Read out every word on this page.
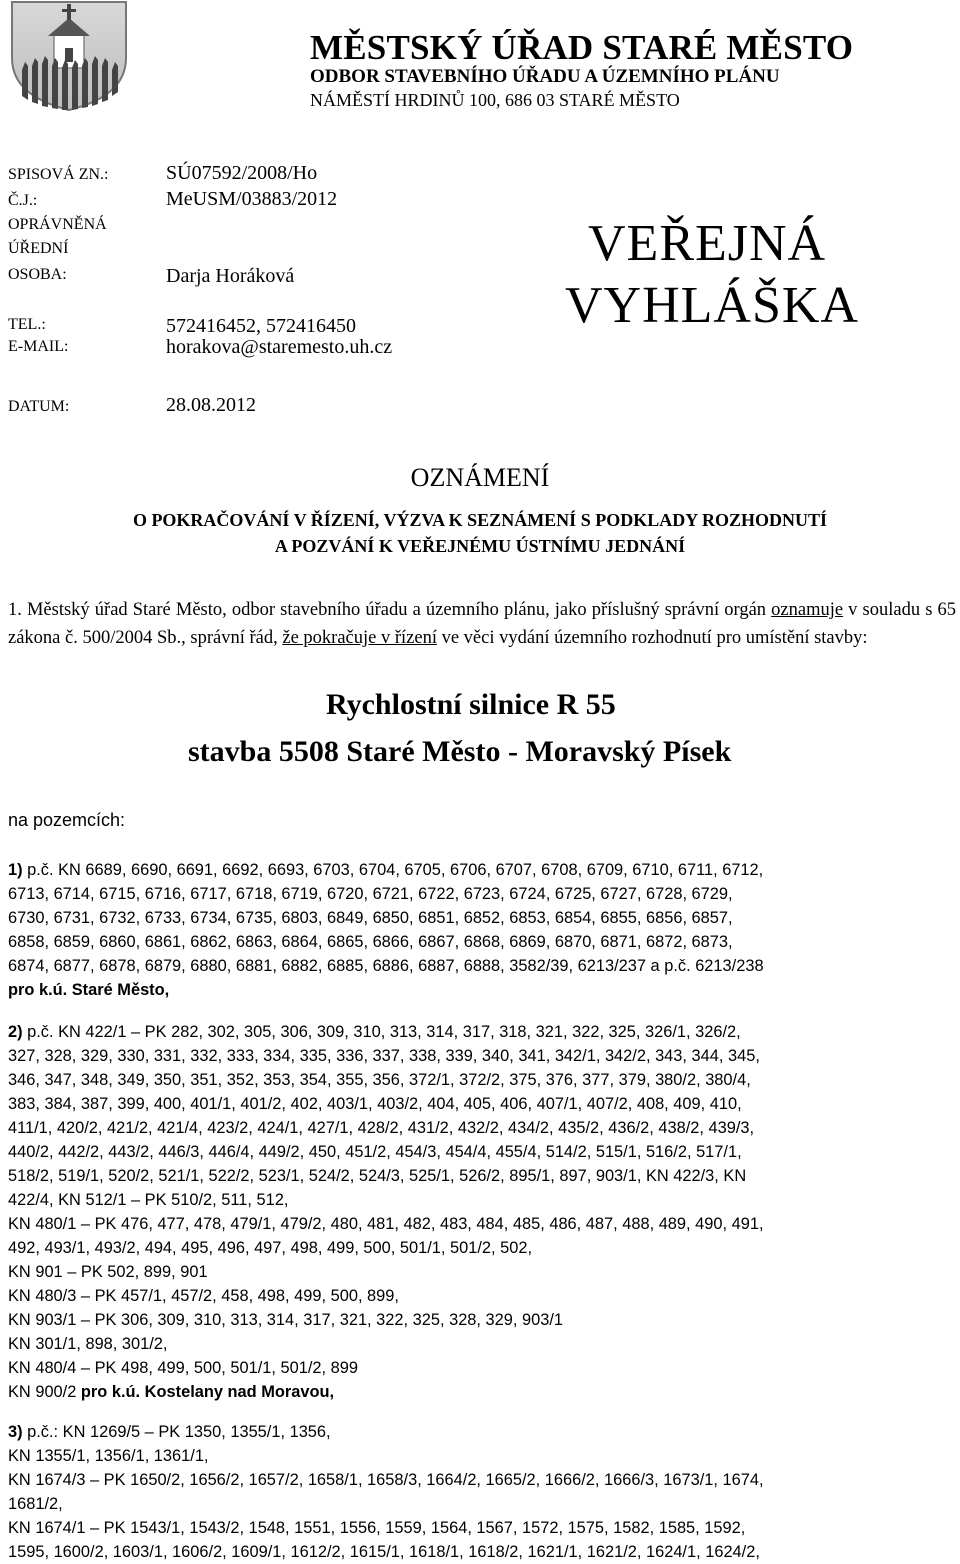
MĚSTSKÝ ÚŘAD STARÉ MĚSTO
ODBOR STAVEBNÍHO ÚŘADU A ÚZEMNÍHO PLÁNU
NÁMĚSTÍ HRDINŮ 100, 686 03 STARÉ MĚSTO
SPISOVÁ ZN.:	SÚ07592/2008/Ho
Č.J.:	MeUSM/03883/2012
OPRÁVNĚNÁ
ÚŘEDNÍ
OSOBA:	Darja Horáková
TEL.:	572416452, 572416450
E-MAIL:	horakova@staremesto.uh.cz
DATUM:	28.08.2012
VEŘEJNÁ
VYHLÁŠKA
OZNÁMENÍ
O POKRAČOVÁNÍ V ŘÍZENÍ, VÝZVA K SEZNÁMENÍ S PODKLADY ROZHODNUTÍ
A POZVÁNÍ K VEŘEJNÉMU ÚSTNÍMU JEDNÁNÍ
1. Městský úřad Staré Město, odbor stavebního úřadu a územního plánu, jako příslušný správní orgán oznamuje v souladu s 65 zákona č. 500/2004 Sb., správní řád, že pokračuje v řízení ve věci vydání územního rozhodnutí pro umístění stavby:
Rychlostní silnice R 55
stavba 5508 Staré Město - Moravský Písek
na pozemcích:
1) p.č. KN 6689, 6690, 6691, 6692, 6693, 6703, 6704, 6705, 6706, 6707, 6708, 6709, 6710, 6711, 6712,
6713, 6714, 6715, 6716, 6717, 6718, 6719, 6720, 6721, 6722, 6723, 6724, 6725, 6727, 6728, 6729,
6730, 6731, 6732, 6733, 6734, 6735, 6803, 6849, 6850, 6851, 6852, 6853, 6854, 6855, 6856, 6857,
6858, 6859, 6860, 6861, 6862, 6863, 6864, 6865, 6866, 6867, 6868, 6869, 6870, 6871, 6872, 6873,
6874, 6877, 6878, 6879, 6880, 6881, 6882, 6885, 6886, 6887, 6888, 3582/39, 6213/237 a p.č. 6213/238
pro k.ú. Staré Město,
2) p.č. KN 422/1 – PK 282, 302, 305, 306, 309, 310, 313, 314, 317, 318, 321, 322, 325, 326/1, 326/2,
327, 328, 329, 330, 331, 332, 333, 334, 335, 336, 337, 338, 339, 340, 341, 342/1, 342/2, 343, 344, 345,
346, 347, 348, 349, 350, 351, 352, 353, 354, 355, 356, 372/1, 372/2, 375, 376, 377, 379, 380/2, 380/4,
383, 384, 387, 399, 400, 401/1, 401/2, 402, 403/1, 403/2, 404, 405, 406, 407/1, 407/2, 408, 409, 410,
411/1, 420/2, 421/2, 421/4, 423/2, 424/1, 427/1, 428/2, 431/2, 432/2, 434/2, 435/2, 436/2, 438/2, 439/3,
440/2, 442/2, 443/2, 446/3, 446/4, 449/2, 450, 451/2, 454/3, 454/4, 455/4, 514/2, 515/1, 516/2, 517/1,
518/2, 519/1, 520/2, 521/1, 522/2, 523/1, 524/2, 524/3, 525/1, 526/2, 895/1, 897, 903/1, KN 422/3, KN
422/4, KN 512/1 – PK 510/2, 511, 512,
KN 480/1 – PK 476, 477, 478, 479/1, 479/2, 480, 481, 482, 483, 484, 485, 486, 487, 488, 489, 490, 491,
492, 493/1, 493/2, 494, 495, 496, 497, 498, 499, 500, 501/1, 501/2, 502,
KN 901 – PK 502, 899, 901
KN 480/3 – PK 457/1, 457/2, 458, 498, 499, 500, 899,
KN 903/1 – PK 306, 309, 310, 313, 314, 317, 321, 322, 325, 328, 329, 903/1
KN 301/1, 898, 301/2,
KN 480/4 – PK 498, 499, 500, 501/1, 501/2, 899
KN 900/2 pro k.ú. Kostelany nad Moravou,
3) p.č.: KN 1269/5 – PK 1350, 1355/1, 1356,
KN 1355/1, 1356/1, 1361/1,
KN 1674/3 – PK 1650/2, 1656/2, 1657/2, 1658/1, 1658/3, 1664/2, 1665/2, 1666/2, 1666/3, 1673/1, 1674,
1681/2,
KN 1674/1 – PK 1543/1, 1543/2, 1548, 1551, 1556, 1559, 1564, 1567, 1572, 1575, 1582, 1585, 1592,
1595, 1600/2, 1603/1, 1606/2, 1609/1, 1612/2, 1615/1, 1618/1, 1618/2, 1621/1, 1621/2, 1624/1, 1624/2,
